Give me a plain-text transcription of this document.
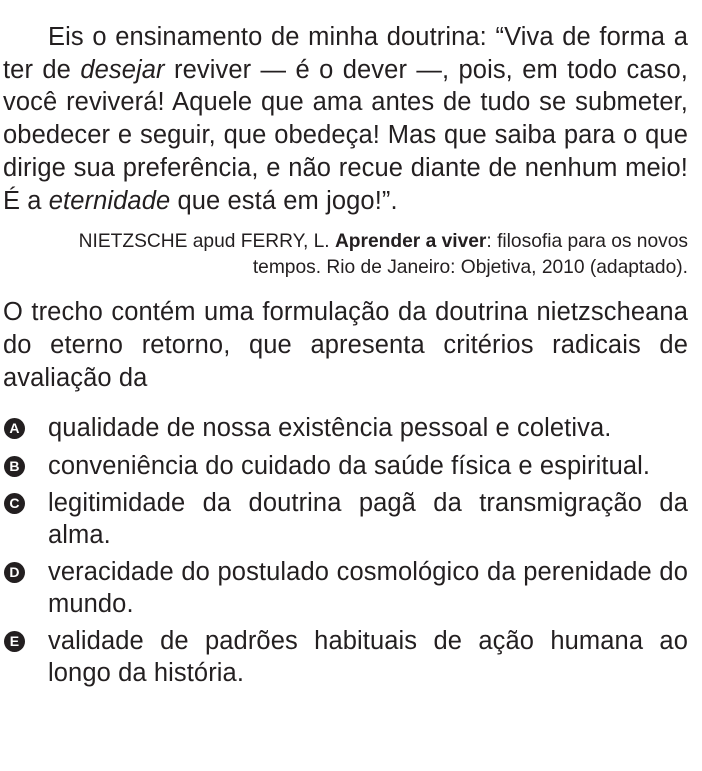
Eis o ensinamento de minha doutrina: “Viva de forma a ter de desejar reviver — é o dever —, pois, em todo caso, você reviverá! Aquele que ama antes de tudo se submeter, obedecer e seguir, que obedeça! Mas que saiba para o que dirige sua preferência, e não recue diante de nenhum meio! É a eternidade que está em jogo!”.

NIETZSCHE apud FERRY, L. Aprender a viver: filosofia para os novos tempos. Rio de Janeiro: Objetiva, 2010 (adaptado).

O trecho contém uma formulação da doutrina nietzscheana do eterno retorno, que apresenta critérios radicais de avaliação da

A qualidade de nossa existência pessoal e coletiva.
B conveniência do cuidado da saúde física e espiritual.
C legitimidade da doutrina pagã da transmigração da alma.
D veracidade do postulado cosmológico da perenidade do mundo.
E validade de padrões habituais de ação humana ao longo da história.
